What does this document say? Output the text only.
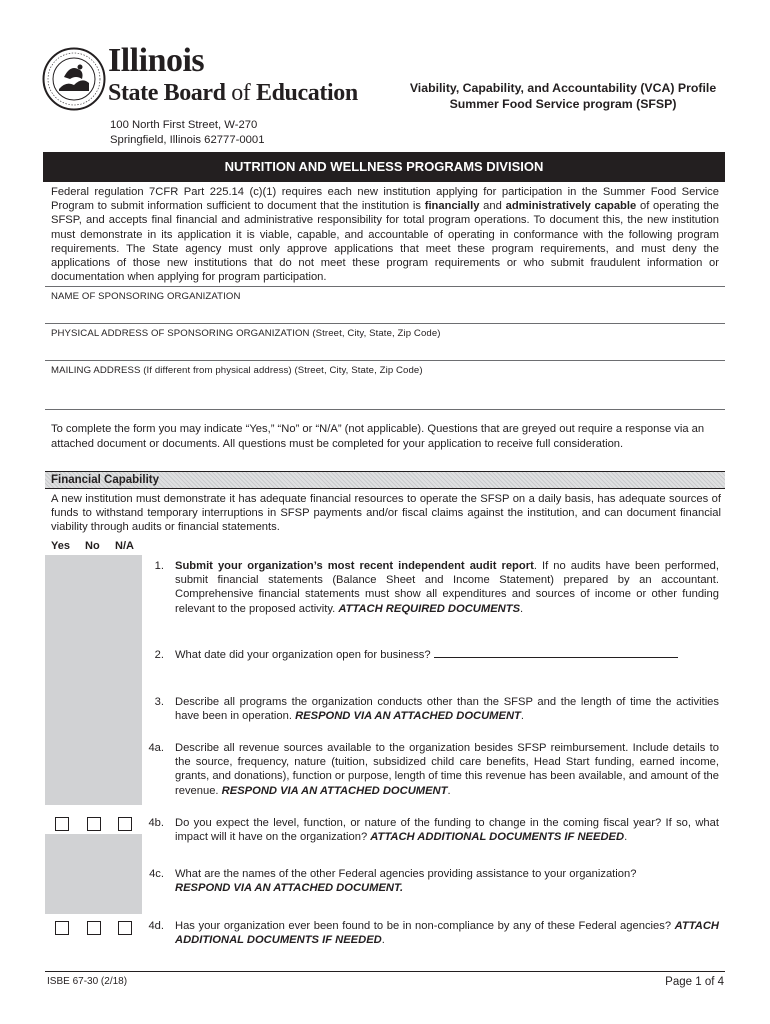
Illinois
State Board of Education	Viability, Capability, and Accountability (VCA) Profile
Summer Food Service program (SFSP)
100 North First Street, W-270
Springfield, Illinois 62777-0001
NUTRITION AND WELLNESS PROGRAMS DIVISION
Federal regulation 7CFR Part 225.14 (c)(1) requires each new institution applying for participation in the Summer Food Service Program to submit information sufficient to document that the institution is financially and administratively capable of operating the SFSP, and accepts final financial and administrative responsibility for total program operations. To document this, the new institution must demonstrate in its application it is viable, capable, and accountable of operating in conformance with the following program requirements. The State agency must only approve applications that meet these program requirements, and must deny the applications of those new institutions that do not meet these program requirements or who submit fraudulent information or documentation when applying for program participation.
NAME OF SPONSORING ORGANIZATION
PHYSICAL ADDRESS OF SPONSORING ORGANIZATION (Street, City, State, Zip Code)
MAILING ADDRESS (If different from physical address) (Street, City, State, Zip Code)
To complete the form you may indicate “Yes,” “No” or “N/A” (not applicable). Questions that are greyed out require a response via an attached document or documents. All questions must be completed for your application to receive full consideration.
Financial Capability
A new institution must demonstrate it has adequate financial resources to operate the SFSP on a daily basis, has adequate sources of funds to withstand temporary interruptions in SFSP payments and/or fiscal claims against the institution, and can document financial viability through audits or financial statements.
Yes No N/A
1. Submit your organization’s most recent independent audit report. If no audits have been performed, submit financial statements (Balance Sheet and Income Statement) prepared by an accountant. Comprehensive financial statements must show all expenditures and sources of income or other funding relevant to the proposed activity. ATTACH REQUIRED DOCUMENTS.
2. What date did your organization open for business?
3. Describe all programs the organization conducts other than the SFSP and the length of time the activities have been in operation. RESPOND VIA AN ATTACHED DOCUMENT.
4a. Describe all revenue sources available to the organization besides SFSP reimbursement. Include details to the source, frequency, nature (tuition, subsidized child care benefits, Head Start funding, earned income, grants, and donations), function or purpose, length of time this revenue has been available, and amount of the revenue. RESPOND VIA AN ATTACHED DOCUMENT.
4b. Do you expect the level, function, or nature of the funding to change in the coming fiscal year? If so, what impact will it have on the organization? ATTACH ADDITIONAL DOCUMENTS IF NEEDED.
4c. What are the names of the other Federal agencies providing assistance to your organization?
RESPOND VIA AN ATTACHED DOCUMENT.
4d. Has your organization ever been found to be in non-compliance by any of these Federal agencies? ATTACH ADDITIONAL DOCUMENTS IF NEEDED.
ISBE 67-30 (2/18)	Page 1 of 4
